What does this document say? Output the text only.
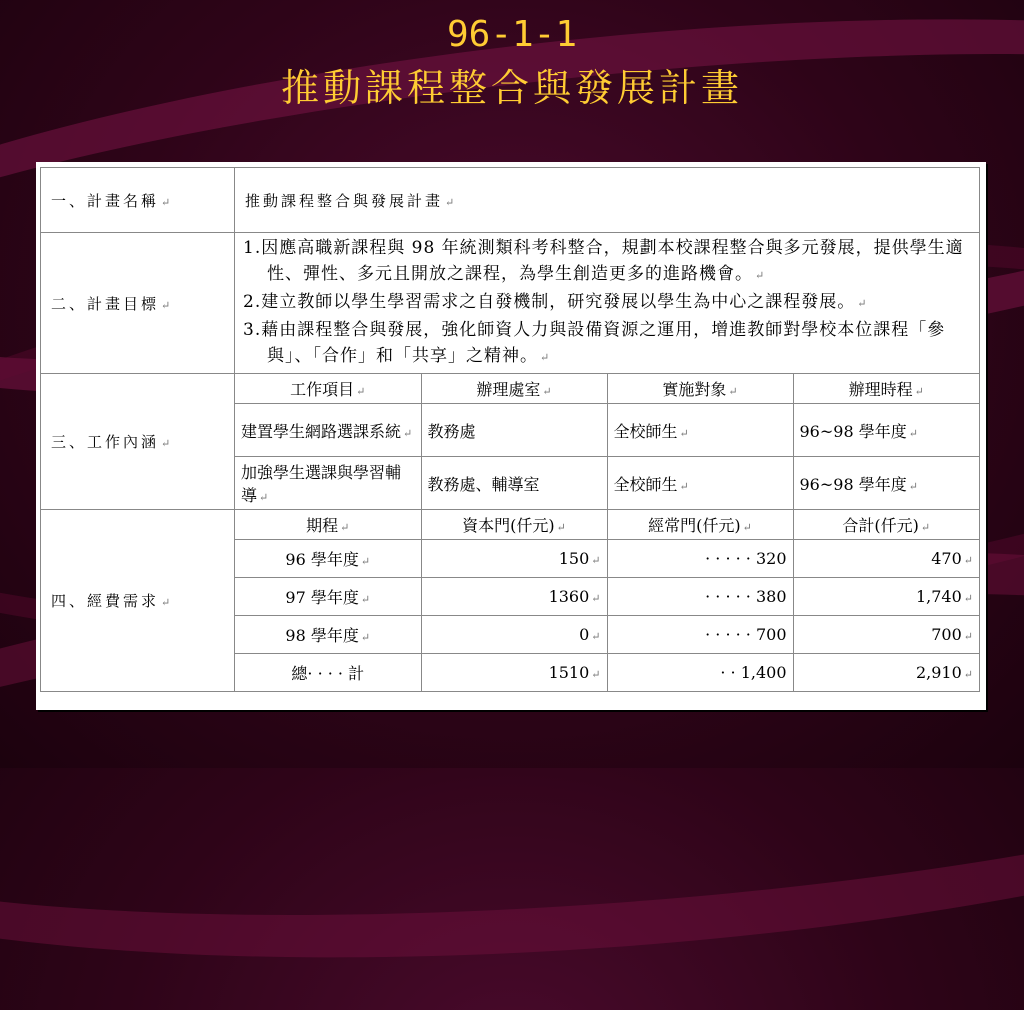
96-1-1
推動課程整合與發展計畫
一、計畫名稱 ↵	推動課程整合與發展計畫 ↵
二、計畫目標 ↵	
1.因應高職新課程與 98 年統測類科考科整合，規劃本校課程整合與多元發展，提供學生適性、彈性、多元且開放之課程，為學生創造更多的進路機會。 ↵
2.建立教師以學生學習需求之自發機制，研究發展以學生為中心之課程發展。 ↵
3.藉由課程整合與發展，強化師資人力與設備資源之運用，增進教師對學校本位課程「參與」、「合作」和「共享」之精神。 ↵

三、工作內涵 ↵	
工作項目 ↵	辦理處室 ↵	實施對象 ↵	辦理時程 ↵
建置學生網路選課系統 ↵	教務處	全校師生 ↵	96~98 學年度 ↵
加強學生選課與學習輔導 ↵	教務處、輔導室	全校師生 ↵	96~98 學年度 ↵

四、經費需求 ↵	
期程 ↵	資本門(仟元) ↵	經常門(仟元) ↵	合計(仟元) ↵
96 學年度 ↵	150 ↵	· · · · · 320	470 ↵
97 學年度 ↵	1360 ↵	· · · · · 380	1,740 ↵
98 學年度 ↵	0 ↵	· · · · · 700	700 ↵
總· · · · 計	1510 ↵	· · 1,400	2,910 ↵
